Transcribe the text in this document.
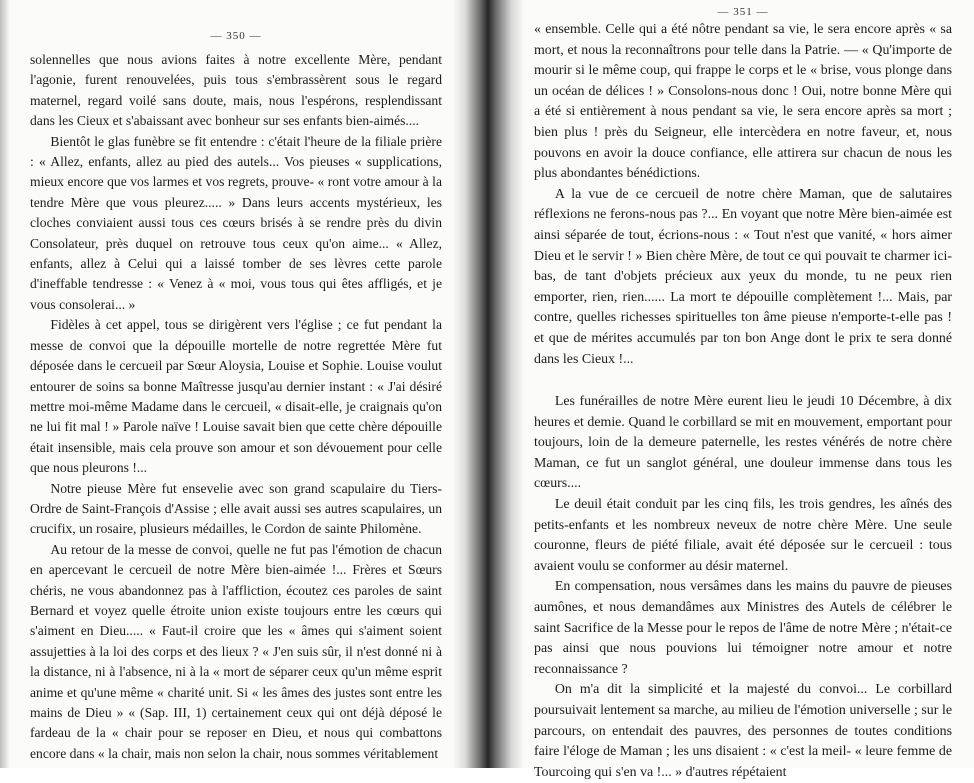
— 350 —

solennelles que nous avions faites à notre excellente Mère, pendant l'agonie, furent renouvelées, puis tous s'embrassèrent sous le regard maternel, regard voilé sans doute, mais, nous l'espérons, resplendissant dans les Cieux et s'abaissant avec bonheur sur ses enfants bien-aimés....

Bientôt le glas funèbre se fit entendre : c'était l'heure de la filiale prière : « Allez, enfants, allez au pied des autels... Vos pieuses « supplications, mieux encore que vos larmes et vos regrets, prouve- « ront votre amour à la tendre Mère que vous pleurez..... » Dans leurs accents mystérieux, les cloches conviaient aussi tous ces cœurs brisés à se rendre près du divin Consolateur, près duquel on retrouve tous ceux qu'on aime... « Allez, enfants, allez à Celui qui a laissé tomber de ses lèvres cette parole d'ineffable tendresse : « Venez à « moi, vous tous qui êtes affligés, et je vous consolerai... »

Fidèles à cet appel, tous se dirigèrent vers l'église ; ce fut pendant la messe de convoi que la dépouille mortelle de notre regrettée Mère fut déposée dans le cercueil par Sœur Aloysia, Louise et Sophie. Louise voulut entourer de soins sa bonne Maîtresse jusqu'au dernier instant : « J'ai désiré mettre moi-même Madame dans le cercueil, « disait-elle, je craignais qu'on ne lui fit mal ! » Parole naïve ! Louise savait bien que cette chère dépouille était insensible, mais cela prouve son amour et son dévouement pour celle que nous pleurons !...

Notre pieuse Mère fut ensevelie avec son grand scapulaire du Tiers-Ordre de Saint-François d'Assise ; elle avait aussi ses autres scapulaires, un crucifix, un rosaire, plusieurs médailles, le Cordon de sainte Philomène.

Au retour de la messe de convoi, quelle ne fut pas l'émotion de chacun en apercevant le cercueil de notre Mère bien-aimée !... Frères et Sœurs chéris, ne vous abandonnez pas à l'affliction, écoutez ces paroles de saint Bernard et voyez quelle étroite union existe toujours entre les cœurs qui s'aiment en Dieu..... « Faut-il croire que les « âmes qui s'aiment soient assujetties à la loi des corps et des lieux ? « J'en suis sûr, il n'est donné ni à la distance, ni à l'absence, ni à la « mort de séparer ceux qu'un même esprit anime et qu'une même « charité unit. Si « les âmes des justes sont entre les mains de Dieu » « (Sap. III, 1) certainement ceux qui ont déjà déposé le fardeau de la « chair pour se reposer en Dieu, et nous qui combattons encore dans « la chair, mais non selon la chair, nous sommes véritablement

— 351 —

« ensemble. Celle qui a été nôtre pendant sa vie, le sera encore après « sa mort, et nous la reconnaîtrons pour telle dans la Patrie. — « Qu'importe de mourir si le même coup, qui frappe le corps et le « brise, vous plonge dans un océan de délices ! » Consolons-nous donc ! Oui, notre bonne Mère qui a été si entièrement à nous pendant sa vie, le sera encore après sa mort ; bien plus ! près du Seigneur, elle intercèdera en notre faveur, et, nous pouvons en avoir la douce confiance, elle attirera sur chacun de nous les plus abondantes bénédictions.

A la vue de ce cercueil de notre chère Maman, que de salutaires réflexions ne ferons-nous pas ?... En voyant que notre Mère bien-aimée est ainsi séparée de tout, écrions-nous : « Tout n'est que vanité, « hors aimer Dieu et le servir ! » Bien chère Mère, de tout ce qui pouvait te charmer ici-bas, de tant d'objets précieux aux yeux du monde, tu ne peux rien emporter, rien, rien...... La mort te dépouille complètement !... Mais, par contre, quelles richesses spirituelles ton âme pieuse n'emporte-t-elle pas ! et que de mérites accumulés par ton bon Ange dont le prix te sera donné dans les Cieux !...

Les funérailles de notre Mère eurent lieu le jeudi 10 Décembre, à dix heures et demie. Quand le corbillard se mit en mouvement, emportant pour toujours, loin de la demeure paternelle, les restes vénérés de notre chère Maman, ce fut un sanglot général, une douleur immense dans tous les cœurs....

Le deuil était conduit par les cinq fils, les trois gendres, les aînés des petits-enfants et les nombreux neveux de notre chère Mère. Une seule couronne, fleurs de piété filiale, avait été déposée sur le cercueil : tous avaient voulu se conformer au désir maternel.

En compensation, nous versâmes dans les mains du pauvre de pieuses aumônes, et nous demandâmes aux Ministres des Autels de célébrer le saint Sacrifice de la Messe pour le repos de l'âme de notre Mère ; n'était-ce pas ainsi que nous pouvions lui témoigner notre amour et notre reconnaissance ?

On m'a dit la simplicité et la majesté du convoi... Le corbillard poursuivait lentement sa marche, au milieu de l'émotion universelle ; sur le parcours, on entendait des pauvres, des personnes de toutes conditions faire l'éloge de Maman ; les uns disaient : « c'est la meil- « leure femme de Tourcoing qui s'en va !... » d'autres répétaient
